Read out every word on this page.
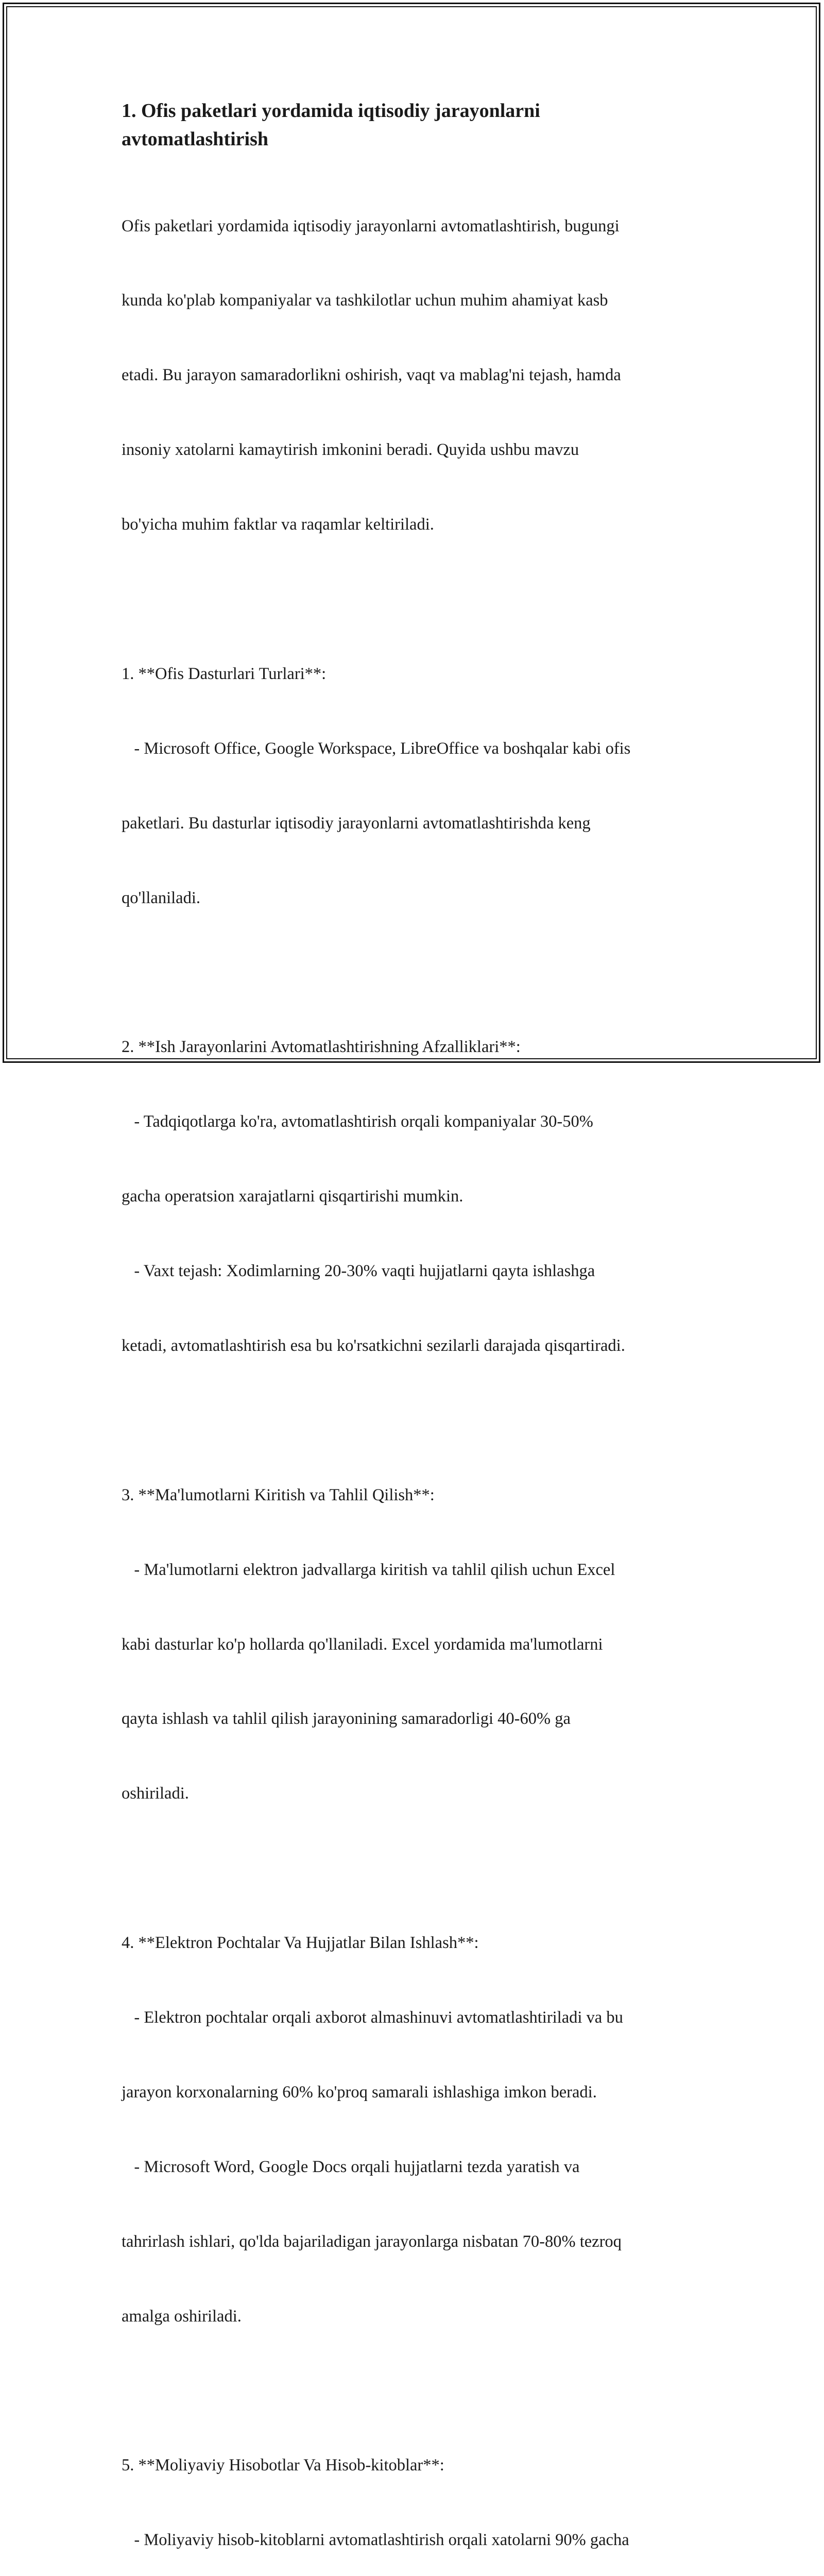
1. Ofis paketlari yordamida iqtisodiy jarayonlarni
avtomatlashtirish

Ofis paketlari yordamida iqtisodiy jarayonlarni avtomatlashtirish, bugungi

kunda ko'plab kompaniyalar va tashkilotlar uchun muhim ahamiyat kasb

etadi. Bu jarayon samaradorlikni oshirish, vaqt va mablag'ni tejash, hamda

insoniy xatolarni kamaytirish imkonini beradi. Quyida ushbu mavzu

bo'yicha muhim faktlar va raqamlar keltiriladi.

1. **Ofis Dasturlari Turlari**:

- Microsoft Office, Google Workspace, LibreOffice va boshqalar kabi ofis

paketlari. Bu dasturlar iqtisodiy jarayonlarni avtomatlashtirishda keng

qo'llaniladi.

2. **Ish Jarayonlarini Avtomatlashtirishning Afzalliklari**:

- Tadqiqotlarga ko'ra, avtomatlashtirish orqali kompaniyalar 30-50%

gacha operatsion xarajatlarni qisqartirishi mumkin.

- Vaxt tejash: Xodimlarning 20-30% vaqti hujjatlarni qayta ishlashga

ketadi, avtomatlashtirish esa bu ko'rsatkichni sezilarli darajada qisqartiradi.

3. **Ma'lumotlarni Kiritish va Tahlil Qilish**:

- Ma'lumotlarni elektron jadvallarga kiritish va tahlil qilish uchun Excel

kabi dasturlar ko'p hollarda qo'llaniladi. Excel yordamida ma'lumotlarni

qayta ishlash va tahlil qilish jarayonining samaradorligi 40-60% ga

oshiriladi.

4. **Elektron Pochtalar Va Hujjatlar Bilan Ishlash**:

- Elektron pochtalar orqali axborot almashinuvi avtomatlashtiriladi va bu

jarayon korxonalarning 60% ko'proq samarali ishlashiga imkon beradi.

- Microsoft Word, Google Docs orqali hujjatlarni tezda yaratish va

tahrirlash ishlari, qo'lda bajariladigan jarayonlarga nisbatan 70-80% tezroq

amalga oshiriladi.

5. **Moliyaviy Hisobotlar Va Hisob-kitoblar**:

- Moliyaviy hisob-kitoblarni avtomatlashtirish orqali xatolarni 90% gacha
